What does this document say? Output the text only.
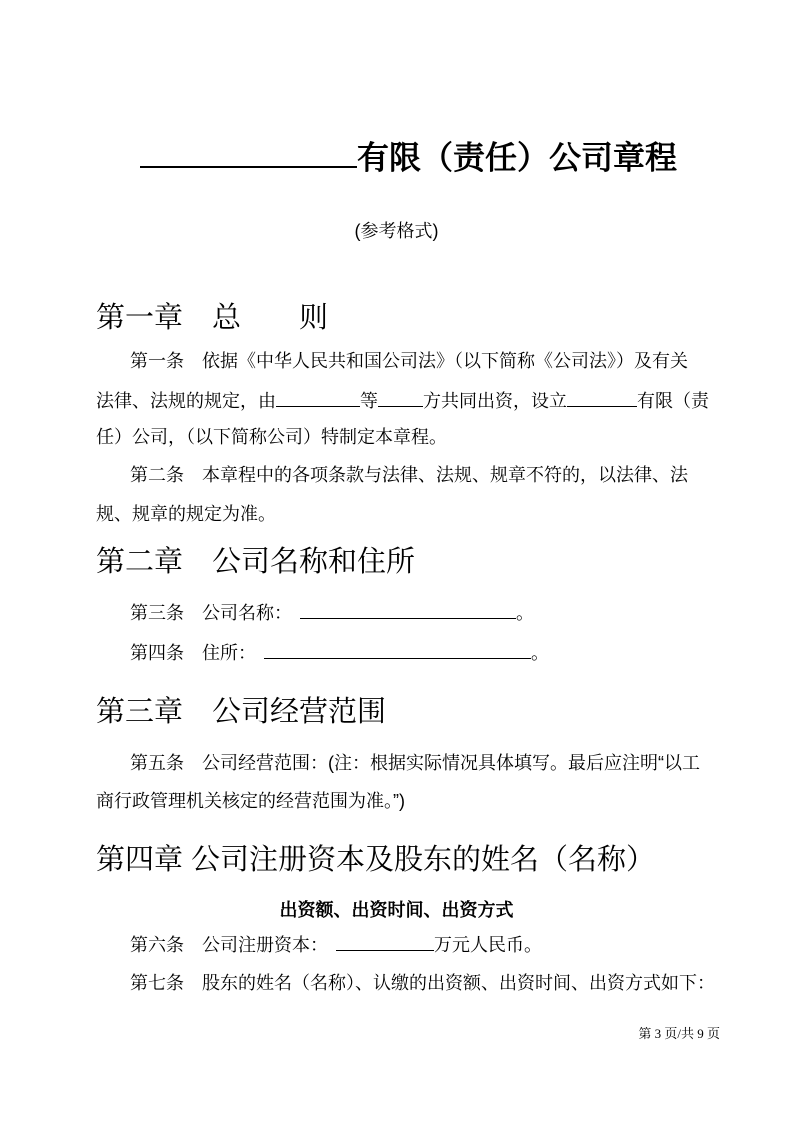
有限（责任）公司章程
(参考格式)
第一章　总　　则
第一条　依据《中华人民共和国公司法》（以下简称《公司法》）及有关
法律、法规的规定，由	等	方共同出资，设立	有限（责
任）公司，（以下简称公司）特制定本章程。
第二条　本章程中的各项条款与法律、法规、规章不符的，以法律、法
规、规章的规定为准。
第二章　公司名称和住所
第三条　公司名称：	。
第四条　住所：	。
第三章　公司经营范围
第五条　公司经营范围：(注：根据实际情况具体填写。最后应注明“以工
商行政管理机关核定的经营范围为准。”)
第四章 公司注册资本及股东的姓名（名称）
出资额、出资时间、出资方式
第六条　公司注册资本：	万元人民币。
第七条　股东的姓名（名称）、认缴的出资额、出资时间、出资方式如下：
第 3 页/共 9 页
